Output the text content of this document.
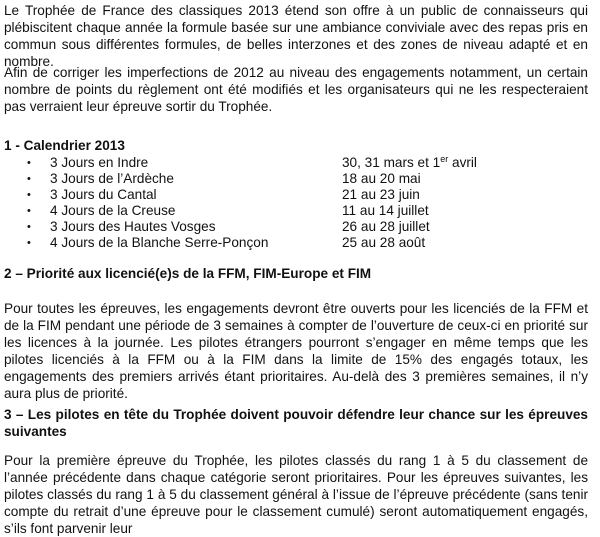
Le Trophée de France des classiques 2013 étend son offre à un public de connaisseurs qui plébiscitent chaque année la formule basée sur une ambiance conviviale avec des repas pris en commun sous différentes formules, de belles interzones et des zones de niveau adapté et en nombre.

Afin de corriger les imperfections de 2012 au niveau des engagements notamment, un certain nombre de points du règlement ont été modifiés et les organisateurs qui ne les respecteraient pas verraient leur épreuve sortir du Trophée.

1 - Calendrier 2013

• 3 Jours en Indre	30, 31 mars et 1er avril
• 3 Jours de l’Ardèche	18 au 20 mai
• 3 Jours du Cantal	21 au 23 juin
• 4 Jours de la Creuse	11 au 14 juillet
• 3 Jours des Hautes Vosges	26 au 28 juillet
• 4 Jours de la Blanche Serre-Ponçon	25 au 28 août

2 – Priorité aux licencié(e)s de la FFM, FIM-Europe et FIM

Pour toutes les épreuves, les engagements devront être ouverts pour les licenciés de la FFM et de la FIM pendant une période de 3 semaines à compter de l’ouverture de ceux-ci en priorité sur les licences à la journée. Les pilotes étrangers pourront s’engager en même temps que les pilotes licenciés à la FFM ou à la FIM dans la limite de 15% des engagés totaux, les engagements des premiers arrivés étant prioritaires. Au-delà des 3 premières semaines, il n’y aura plus de priorité.

3 – Les pilotes en tête du Trophée doivent pouvoir défendre leur chance sur les épreuves suivantes

Pour la première épreuve du Trophée, les pilotes classés du rang 1 à 5 du classement de l’année précédente dans chaque catégorie seront prioritaires. Pour les épreuves suivantes, les pilotes classés du rang 1 à 5 du classement général à l’issue de l’épreuve précédente (sans tenir compte du retrait d’une épreuve pour le classement cumulé) seront automatiquement engagés, s’ils font parvenir leur
